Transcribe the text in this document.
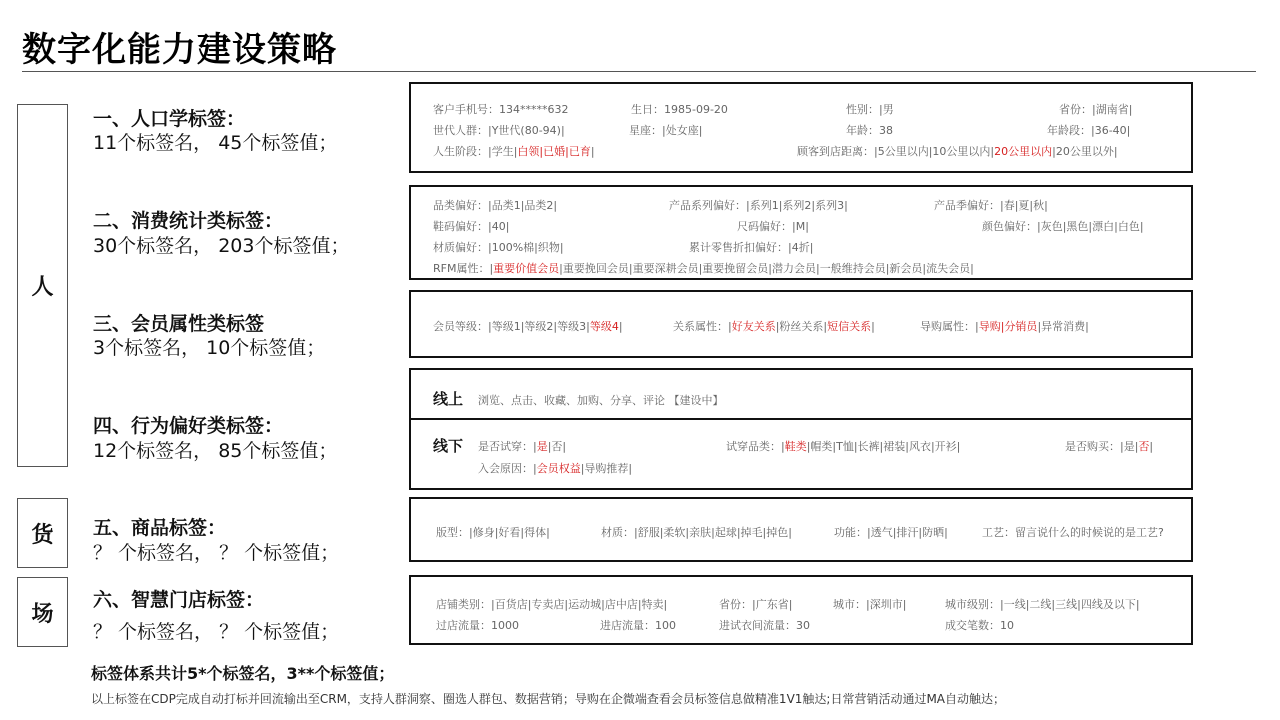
数字化能力建设策略
人
货
场
一、人口学标签：
11个标签名， 45个标签值；
二、消费统计类标签：
30个标签名， 203个标签值；
三、会员属性类标签
3个标签名， 10个标签值；
四、行为偏好类标签：
12个标签名， 85个标签值；
五、商品标签：
？ 个标签名， ？ 个标签值；
六、智慧门店标签：
？ 个标签名， ？ 个标签值；
客户手机号：134*****632	生日：1985-09-20	性别：|男	省份：|湖南省|
世代人群：|Y世代(80-94)|	星座：|处女座|	年龄：38	年龄段：|36-40|
人生阶段：|学生|白领|已婚|已育|	顾客到店距离：|5公里以内|10公里以内|20公里以内|20公里以外|
品类偏好：|品类1|品类2|	产品系列偏好：|系列1|系列2|系列3|	产品季偏好：|春|夏|秋|
鞋码偏好：|40|	尺码偏好：|M|	颜色偏好：|灰色|黑色|漂白|白色|
材质偏好：|100%棉|织物|	累计零售折扣偏好：|4折|
RFM属性：|重要价值会员|重要挽回会员|重要深耕会员|重要挽留会员|潜力会员|一般维持会员|新会员|流失会员|
会员等级：|等级1|等级2|等级3|等级4|	关系属性：|好友关系|粉丝关系|短信关系|	导购属性：|导购|分销员|异常消费|
线上 浏览、点击、收藏、加购、分享、评论 【建设中】
线下 是否试穿：|是|否|	试穿品类：|鞋类|帽类|T恤|长裤|裙装|风衣|开衫|	是否购买：|是|否|
入会原因：|会员权益|导购推荐|
版型：|修身|好看|得体|	材质：|舒服|柔软|亲肤|起球|掉毛|掉色|	功能：|透气|排汗|防晒|	工艺：留言说什么的时候说的是工艺?
店铺类别：|百货店|专卖店|运动城|店中店|特卖|	省份：|广东省|	城市：|深圳市|	城市级别：|一线|二线|三线|四线及以下|
过店流量：1000	进店流量：100	进试衣间流量：30	成交笔数：10
标签体系共计5*个标签名，3**个标签值；
以上标签在CDP完成自动打标并回流输出至CRM，支持人群洞察、圈选人群包、数据营销；导购在企微端查看会员标签信息做精准1V1触达;日常营销活动通过MA自动触达；
